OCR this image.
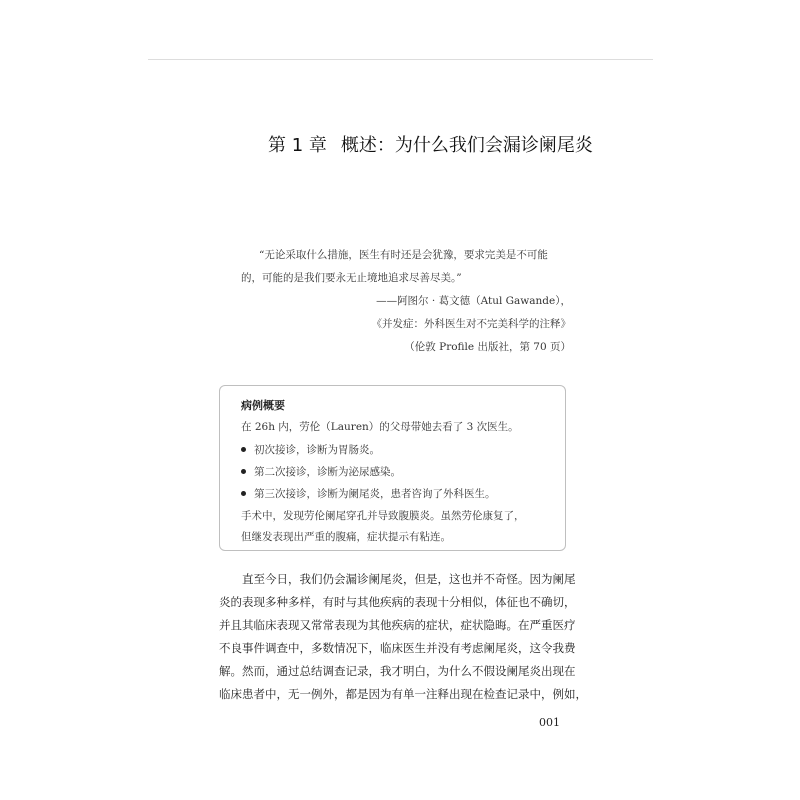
第 1 章 概述：为什么我们会漏诊阑尾炎
“无论采取什么措施，医生有时还是会犹豫，要求完美是不可能
的，可能的是我们要永无止境地追求尽善尽美。”
——阿图尔 · 葛文德（Atul Gawande），
《并发症：外科医生对不完美科学的注释》
（伦敦 Profile 出版社，第 70 页）
病例概要
在 26h 内，劳伦（Lauren）的父母带她去看了 3 次医生。
初次接诊，诊断为胃肠炎。
第二次接诊，诊断为泌尿感染。
第三次接诊，诊断为阑尾炎，患者咨询了外科医生。
手术中，发现劳伦阑尾穿孔并导致腹膜炎。虽然劳伦康复了，
但继发表现出严重的腹痛，症状提示有粘连。
直至今日，我们仍会漏诊阑尾炎，但是，这也并不奇怪。因为阑尾
炎的表现多种多样，有时与其他疾病的表现十分相似，体征也不确切，
并且其临床表现又常常表现为其他疾病的症状，症状隐晦。在严重医疗
不良事件调查中，多数情况下，临床医生并没有考虑阑尾炎，这令我费
解。然而，通过总结调查记录，我才明白，为什么不假设阑尾炎出现在
临床患者中，无一例外，都是因为有单一注释出现在检查记录中，例如，
001
